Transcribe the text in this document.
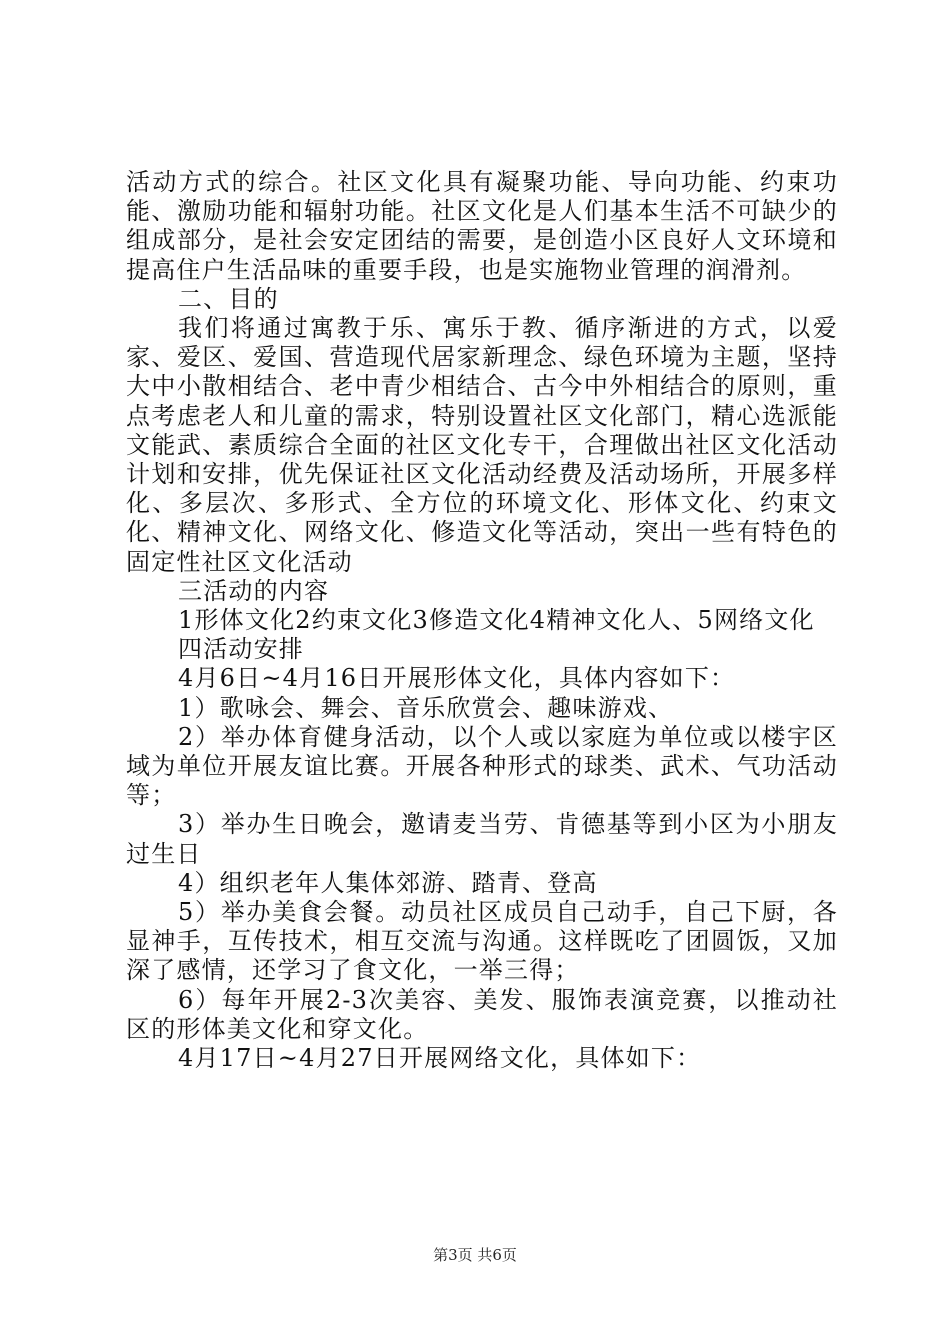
活动方式的综合。社区文化具有凝聚功能、导向功能、约束功能、激励功能和辐射功能。社区文化是人们基本生活不可缺少的组成部分，是社会安定团结的需要，是创造小区良好人文环境和提高住户生活品味的重要手段，也是实施物业管理的润滑剂。

二、目的

我们将通过寓教于乐、寓乐于教、循序渐进的方式，以爱家、爱区、爱国、营造现代居家新理念、绿色环境为主题，坚持大中小散相结合、老中青少相结合、古今中外相结合的原则，重点考虑老人和儿童的需求，特别设置社区文化部门，精心选派能文能武、素质综合全面的社区文化专干，合理做出社区文化活动计划和安排，优先保证社区文化活动经费及活动场所，开展多样化、多层次、多形式、全方位的环境文化、形体文化、约束文化、精神文化、网络文化、修造文化等活动，突出一些有特色的固定性社区文化活动

三活动的内容

1形体文化2约束文化3修造文化4精神文化人、5网络文化

四活动安排

4月6日~4月16日开展形体文化，具体内容如下：

1）歌咏会、舞会、音乐欣赏会、趣味游戏、

2）举办体育健身活动，以个人或以家庭为单位或以楼宇区域为单位开展友谊比赛。开展各种形式的球类、武术、气功活动等；

3）举办生日晚会，邀请麦当劳、肯德基等到小区为小朋友过生日

4）组织老年人集体郊游、踏青、登高

5）举办美食会餐。动员社区成员自己动手，自己下厨，各显神手，互传技术，相互交流与沟通。这样既吃了团圆饭，又加深了感情，还学习了食文化，一举三得；

6）每年开展2-3次美容、美发、服饰表演竞赛，以推动社区的形体美文化和穿文化。

4月17日~4月27日开展网络文化，具体如下：

第3页 共6页
